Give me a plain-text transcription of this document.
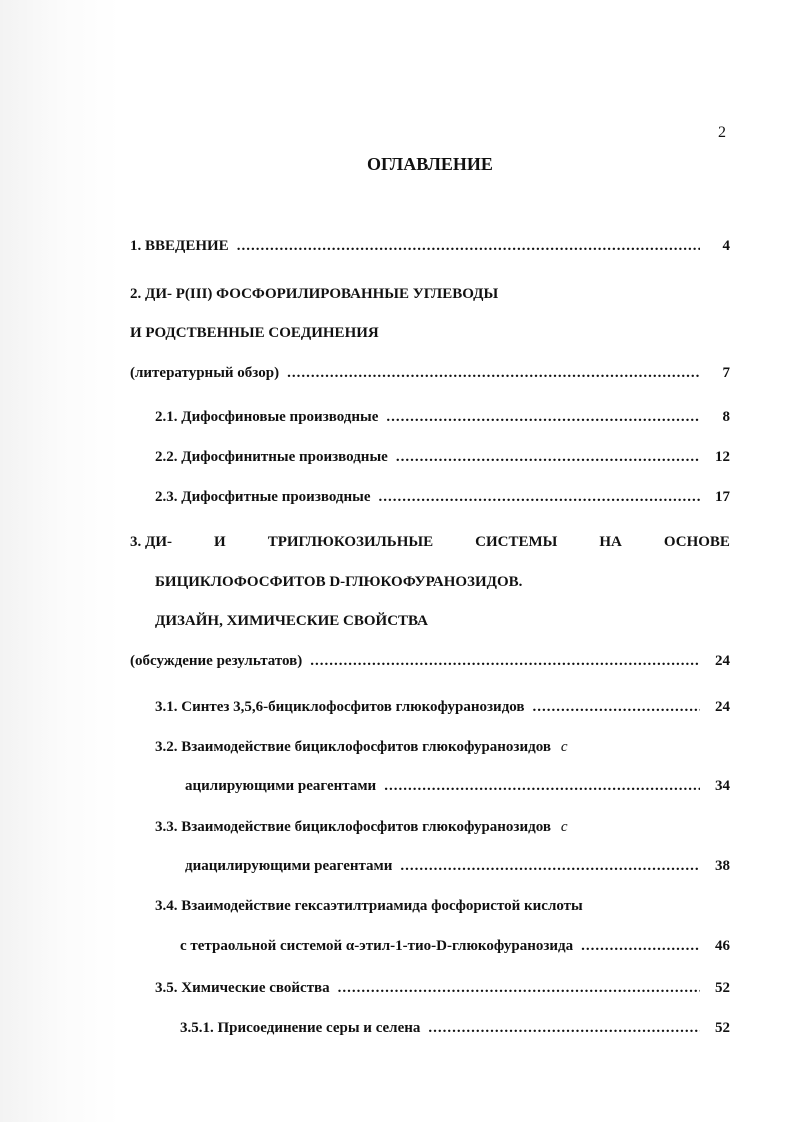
2
ОГЛАВЛЕНИЕ
1. ВВЕДЕНИЕ .....	4
2. ДИ- Р(III) ФОСФОРИЛИРОВАННЫЕ УГЛЕВОДЫ
И РОДСТВЕННЫЕ СОЕДИНЕНИЯ
(литературный обзор) .....	7
2.1. Дифосфиновые производные .....	8
2.2. Дифосфинитные производные .....	12
2.3. Дифосфитные производные .....	17
3. ДИ-	И	ТРИГЛЮКОЗИЛЬНЫЕ	СИСТЕМЫ	НА	ОСНОВЕ
БИЦИКЛОФОСФИТОВ D-ГЛЮКОФУРАНОЗИДОВ.
ДИЗАЙН, ХИМИЧЕСКИЕ СВОЙСТВА
(обсуждение результатов) .....	24
3.1. Синтез 3,5,6-бициклофосфитов глюкофуранозидов .....	24
3.2. Взаимодействие бициклофосфитов глюкофуранозидов с
ацилирующими реагентами .....	34
3.3. Взаимодействие бициклофосфитов глюкофуранозидов с
диацилирующими реагентами .....	38
3.4. Взаимодействие гексаэтилтриамида фосфористой кислоты
с тетраольной системой α-этил-1-тио-D-глюкофуранозида .....	46
3.5. Химические свойства .....	52
3.5.1. Присоединение серы и селена .....	52
